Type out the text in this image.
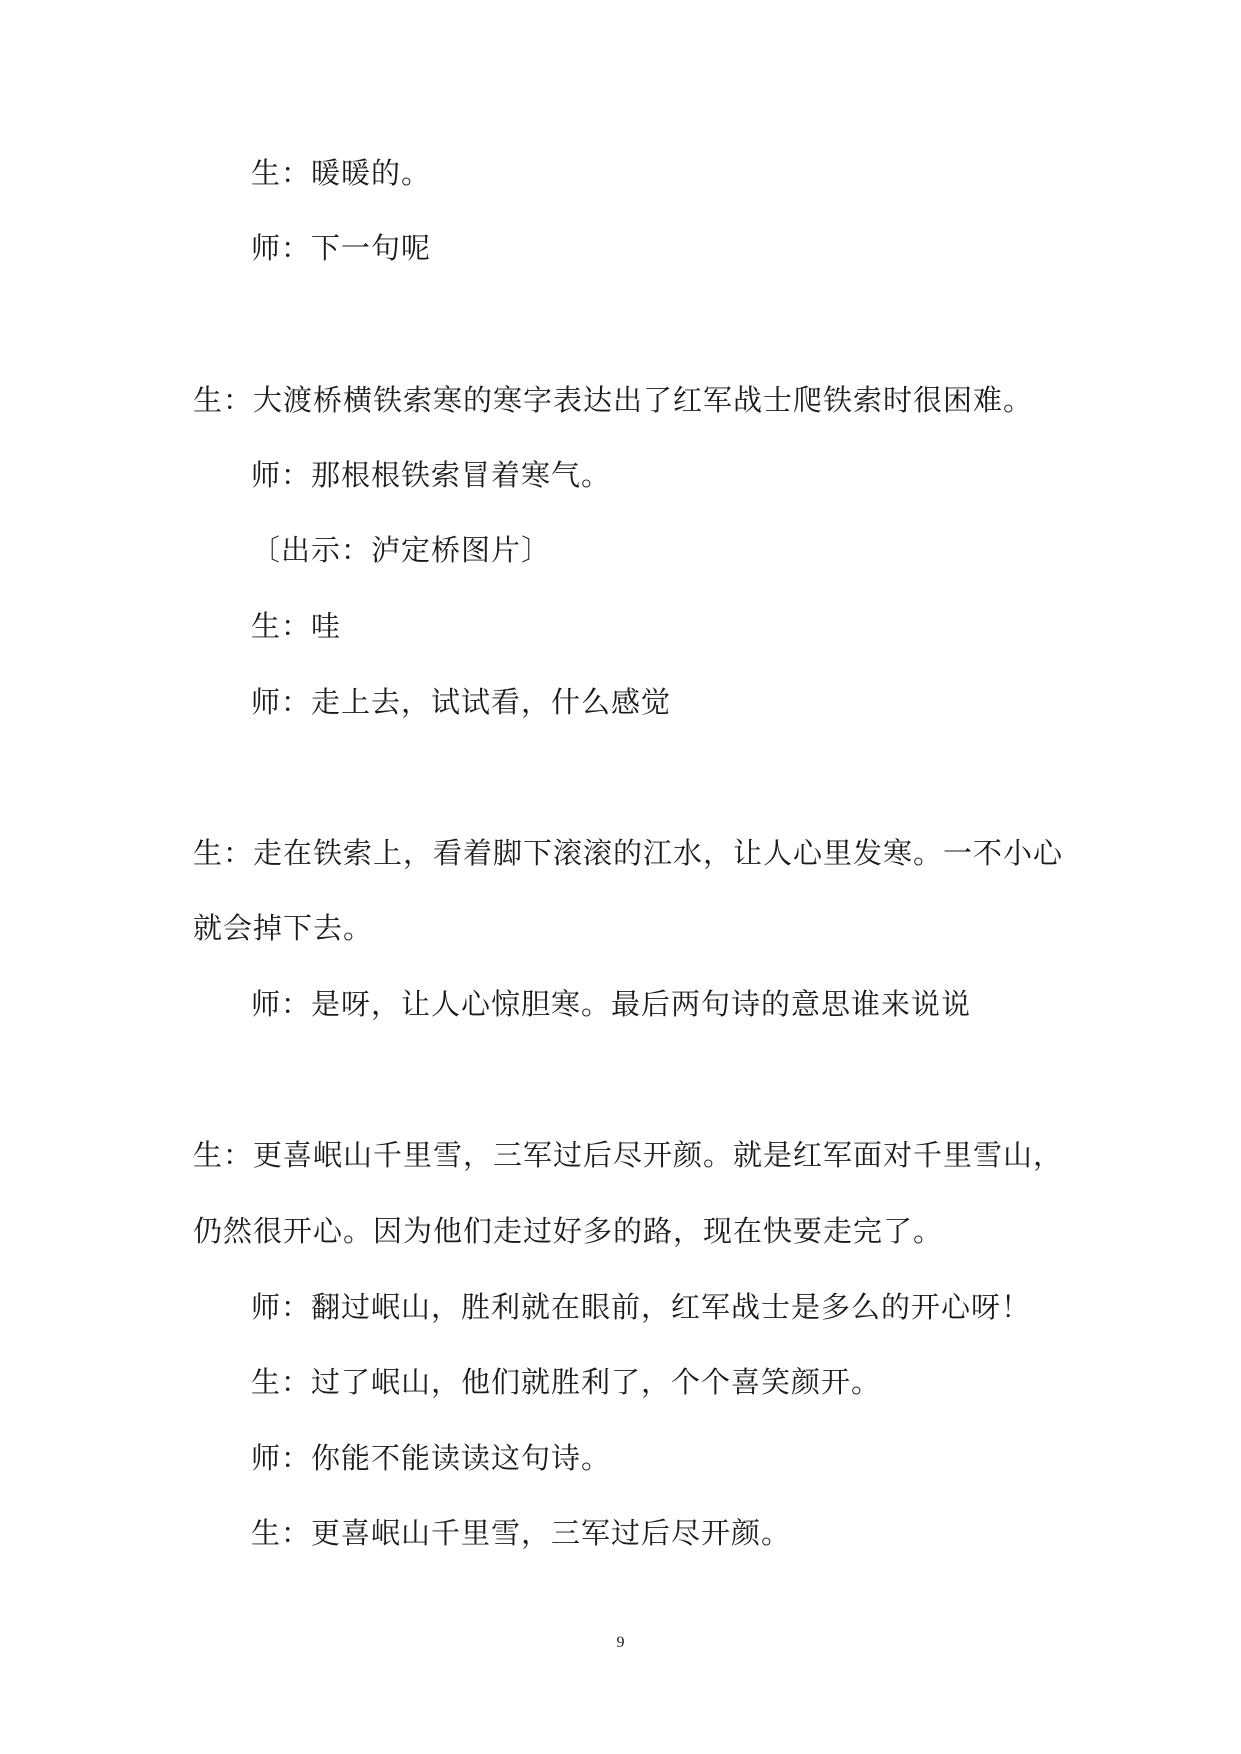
生：暖暖的。
师：下一句呢
生：大渡桥横铁索寒的寒字表达出了红军战士爬铁索时很困难。
师：那根根铁索冒着寒气。
〔出示：泸定桥图片〕
生：哇
师：走上去，试试看，什么感觉
生：走在铁索上，看着脚下滚滚的江水，让人心里发寒。一不小心
就会掉下去。
师：是呀，让人心惊胆寒。最后两句诗的意思谁来说说
生：更喜岷山千里雪，三军过后尽开颜。就是红军面对千里雪山，
仍然很开心。因为他们走过好多的路，现在快要走完了。
师：翻过岷山，胜利就在眼前，红军战士是多么的开心呀！
生：过了岷山，他们就胜利了，个个喜笑颜开。
师：你能不能读读这句诗。
生：更喜岷山千里雪，三军过后尽开颜。
9
